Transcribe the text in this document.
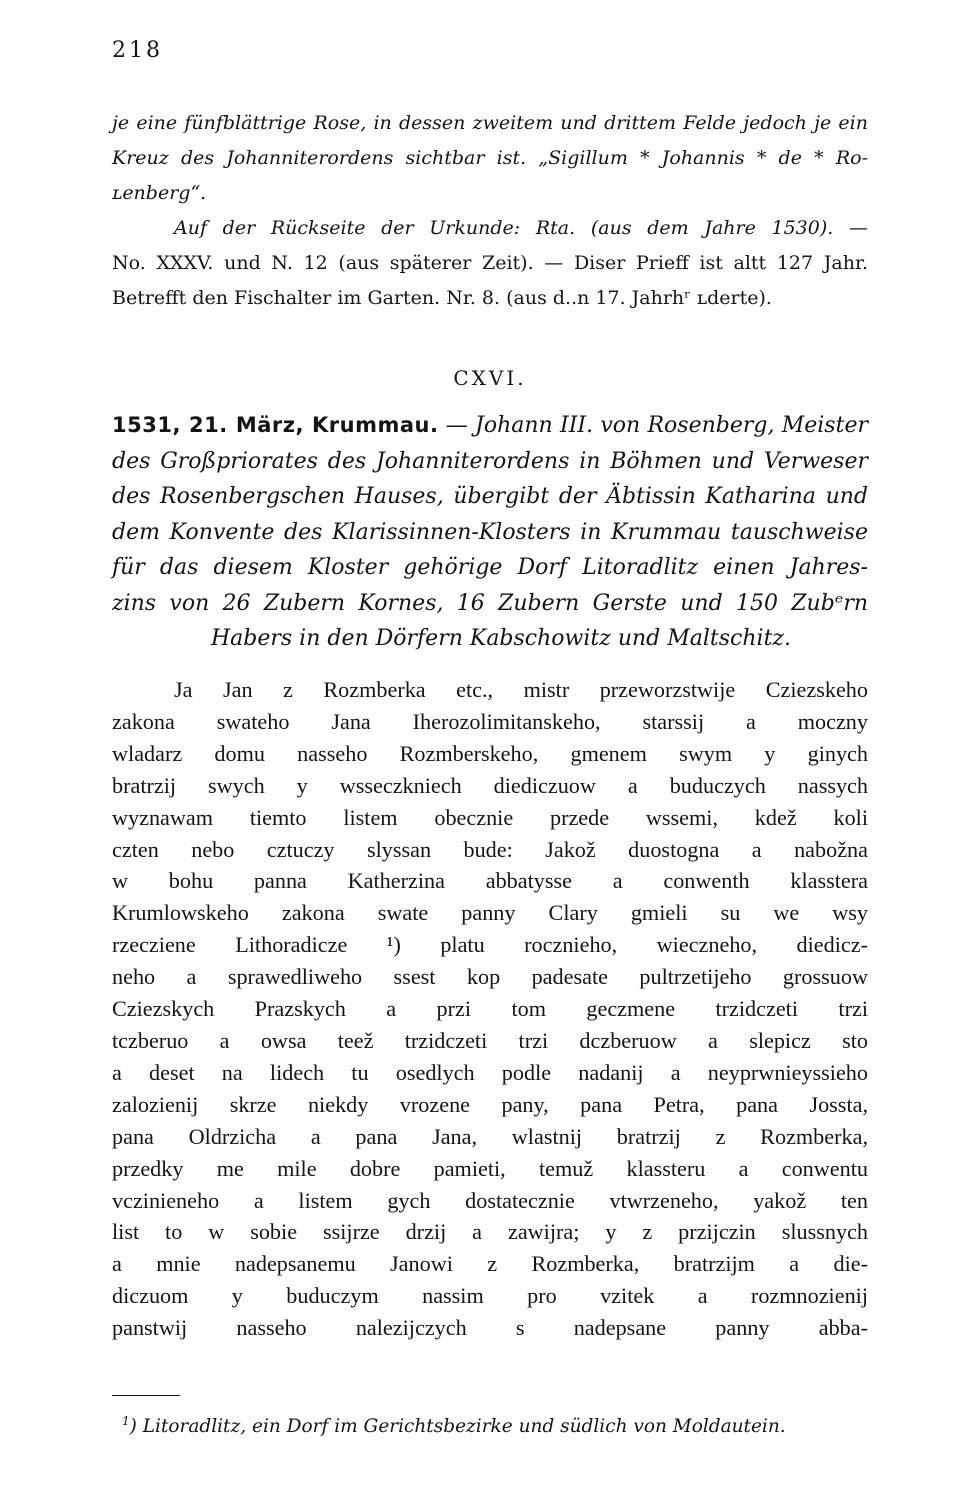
218
je eine fünfblättrige Rose, in dessen zweitem und drittem Felde jedoch je ein
Kreuz des Johanniterordens sichtbar ist. „Sigillum * Johannis * de * Ro-
ʟenberg“.
Auf der Rückseite der Urkunde: Rta. (aus dem Jahre 1530). —
No. XXXV. und N. 12 (aus späterer Zeit). — Diser Prieff ist altt 127 Jahr.
Betrefft den Fischalter im Garten. Nr. 8. (aus d..n 17. Jahrhʳ ʟderte).
CXVI.
1531, 21. März, Krummau. — Johann III. von Rosenberg, Meister
des Großpriorates des Johanniterordens in Böhmen und Verweser
des Rosenbergschen Hauses, übergibt der Äbtissin Katharina und
dem Konvente des Klarissinnen-Klosters in Krummau tauschweise
für das diesem Kloster gehörige Dorf Litoradlitz einen Jahres-
zins von 26 Zubern Kornes, 16 Zubern Gerste und 150 Zubᵉrn
Habers in den Dörfern Kabschowitz und Maltschitz.
Ja Jan z Rozmberka etc., mistr przeworzstwije Cziezskeho
zakona swateho Jana Iherozolimitanskeho, starssij a moczny
wladarz domu nasseho Rozmberskeho, gmenem swym y ginych
bratrzij swych y wsseczkniech diediczuow a buduczych nassych
wyznawam tiemto listem obecznie przede wssemi, kdež koli
czten nebo cztuczy slyssan bude: Jakož duostogna a nabožna
w bohu panna Katherzina abbatysse a conwenth klasstera
Krumlowskeho zakona swate panny Clary gmieli su we wsy
rzecziene Lithoradicze ¹) platu rocznieho, wieczneho, diedicz-
neho a sprawedliweho ssest kop padesate pultrzetijeho grossuow
Cziezskych Prazskych a przi tom geczmene trzidczeti trzi
tczberuo a owsa teež trzidczeti trzi dczberuow a slepicz sto
a deset na lidech tu osedlych podle nadanij a neyprwnieyssieho
zalozienij skrze niekdy vrozene pany, pana Petra, pana Jossta,
pana Oldrzicha a pana Jana, wlastnij bratrzij z Rozmberka,
przedky me mile dobre pamieti, temuž klassteru a conwentu
vczinieneho a listem gych dostatecznie vtwrzeneho, yakož ten
list to w sobie ssijrze drzij a zawijra; y z przijczin slussnych
a mnie nadepsanemu Janowi z Rozmberka, bratrzijm a die-
diczuom y buduczym nassim pro vzitek a rozmnozienij
panstwij nasseho nalezijczych s nadepsane panny abba-
$^1$) Litoradlitz, ein Dorf im Gerichtsbezirke und südlich von Moldautein.
